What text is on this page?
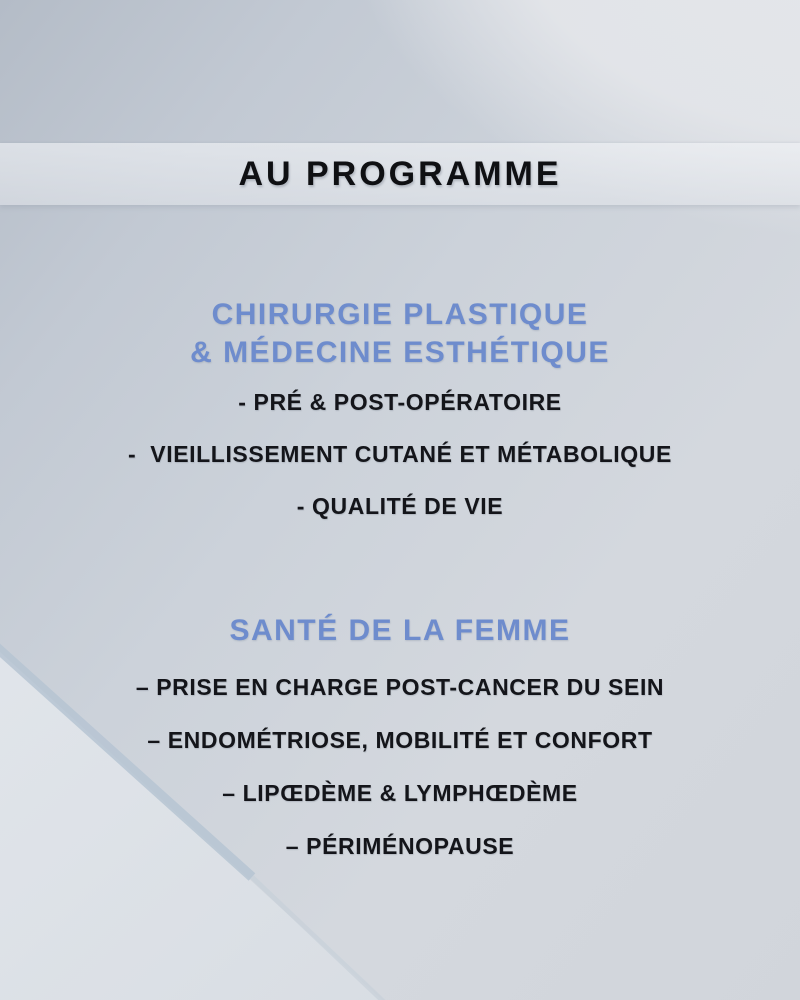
AU PROGRAMME
CHIRURGIE PLASTIQUE
& MÉDECINE ESTHÉTIQUE
- PRÉ & POST-OPÉRATOIRE
-  VIEILLISSEMENT CUTANÉ ET MÉTABOLIQUE
- QUALITÉ DE VIE
SANTÉ DE LA FEMME
– PRISE EN CHARGE POST-CANCER DU SEIN
– ENDOMÉTRIOSE, MOBILITÉ ET CONFORT
– LIPŒDÈME & LYMPHŒDÈME
– PÉRIMÉNOPAUSE
